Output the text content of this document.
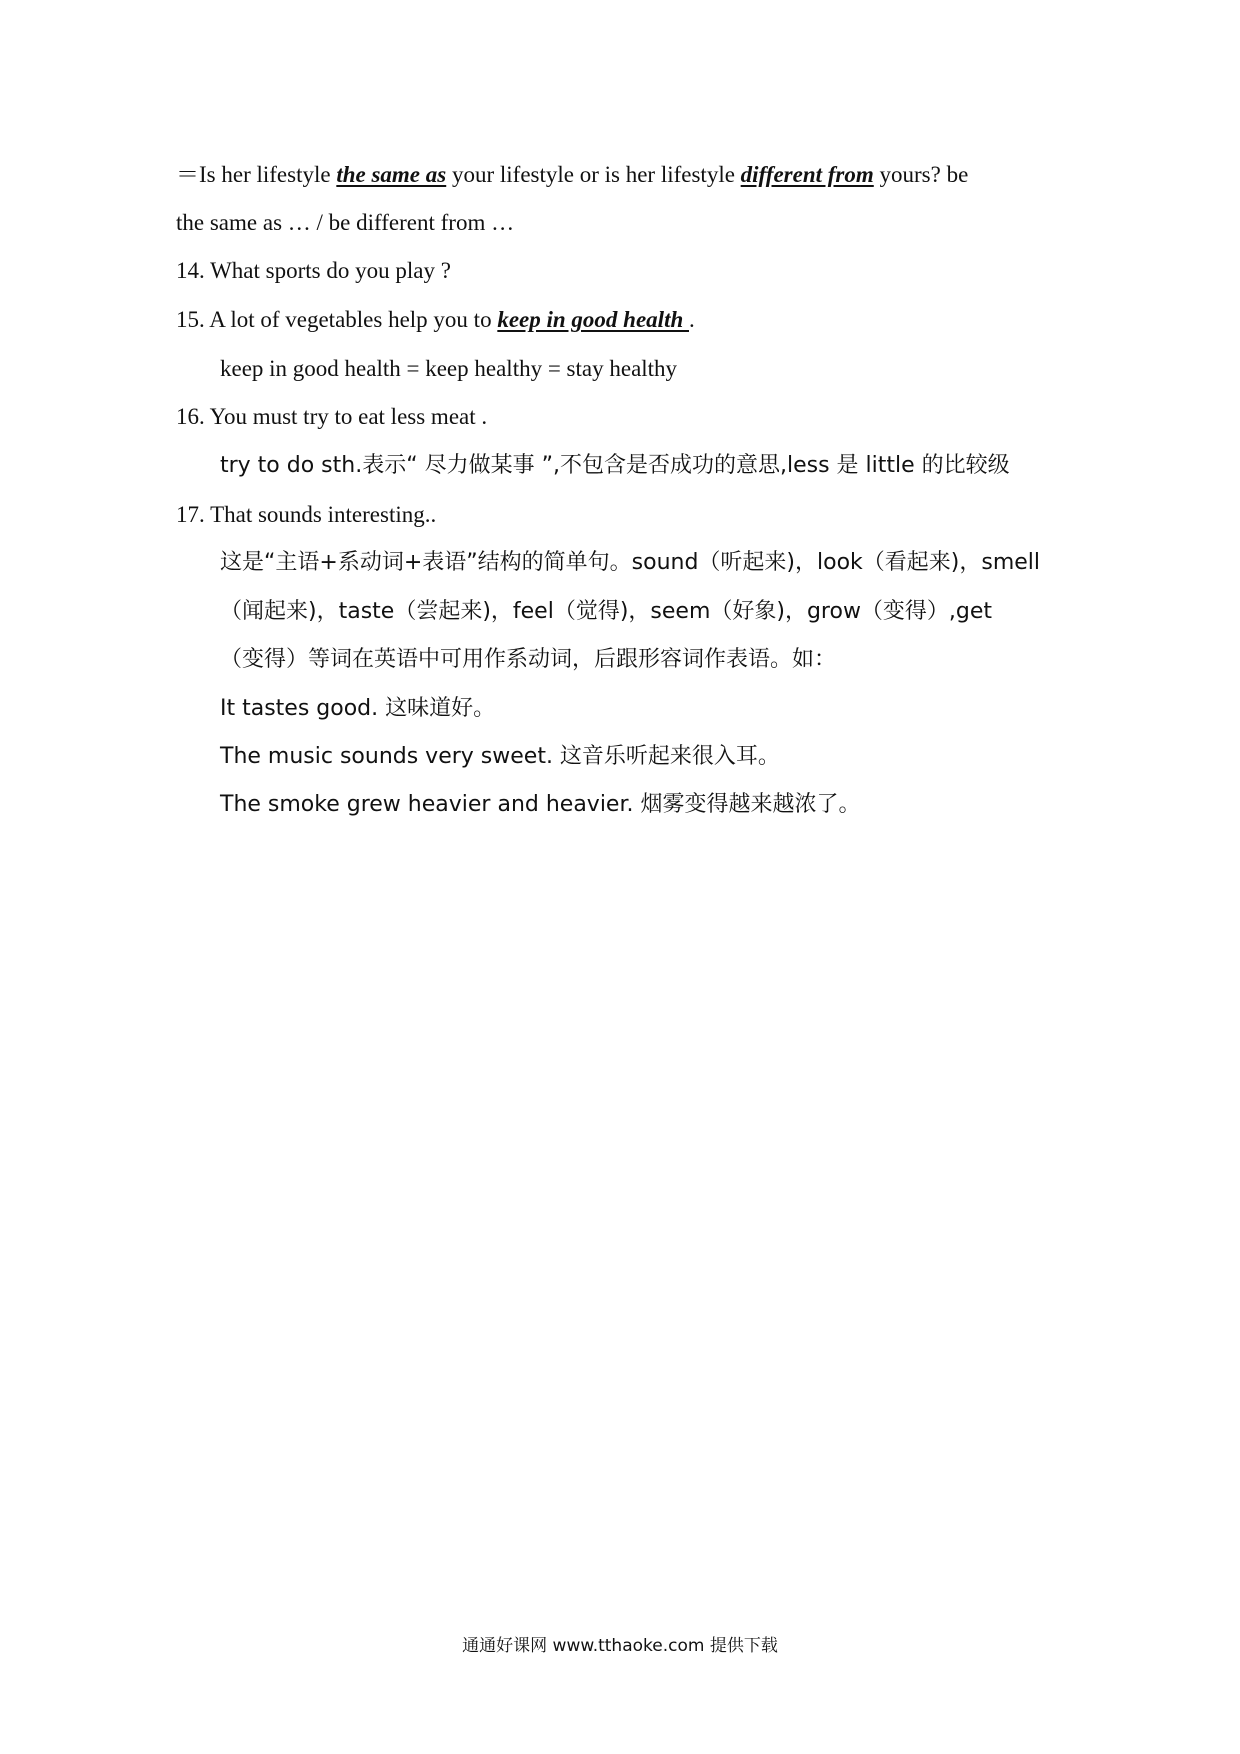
＝Is her lifestyle the same as your lifestyle or is her lifestyle different from yours? be
the same as … / be different from …
14. What sports do you play ?
15. A lot of vegetables help you to keep in good health .
keep in good health = keep healthy = stay healthy
16. You must try to eat less meat .
try to do sth.表示“ 尽力做某事 ”,不包含是否成功的意思,less 是 little 的比较级
17. That sounds interesting..
这是“主语+系动词+表语”结构的简单句。sound（听起来)，look（看起来)，smell
（闻起来)，taste（尝起来)，feel（觉得)，seem（好象)，grow（变得）,get
（变得）等词在英语中可用作系动词，后跟形容词作表语。如：
It tastes good. 这味道好。
The music sounds very sweet. 这音乐听起来很入耳。
The smoke grew heavier and heavier. 烟雾变得越来越浓了。
通通好课网 www.tthaoke.com 提供下载
